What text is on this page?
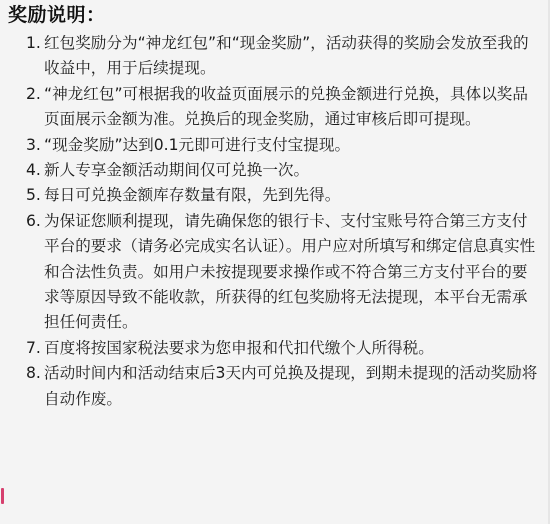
奖励说明：
1. 红包奖励分为“神龙红包”和“现金奖励”，活动获得的奖励会发放至我的收益中，用于后续提现。
2. “神龙红包”可根据我的收益页面展示的兑换金额进行兑换，具体以奖品页面展示金额为准。兑换后的现金奖励，通过审核后即可提现。
3. “现金奖励”达到0.1元即可进行支付宝提现。
4. 新人专享金额活动期间仅可兑换一次。
5. 每日可兑换金额库存数量有限，先到先得。
6. 为保证您顺利提现，请先确保您的银行卡、支付宝账号符合第三方支付平台的要求（请务必完成实名认证）。用户应对所填写和绑定信息真实性和合法性负责。如用户未按提现要求操作或不符合第三方支付平台的要求等原因导致不能收款，所获得的红包奖励将无法提现，本平台无需承担任何责任。
7. 百度将按国家税法要求为您申报和代扣代缴个人所得税。
8. 活动时间内和活动结束后3天内可兑换及提现，到期未提现的活动奖励将自动作废。
